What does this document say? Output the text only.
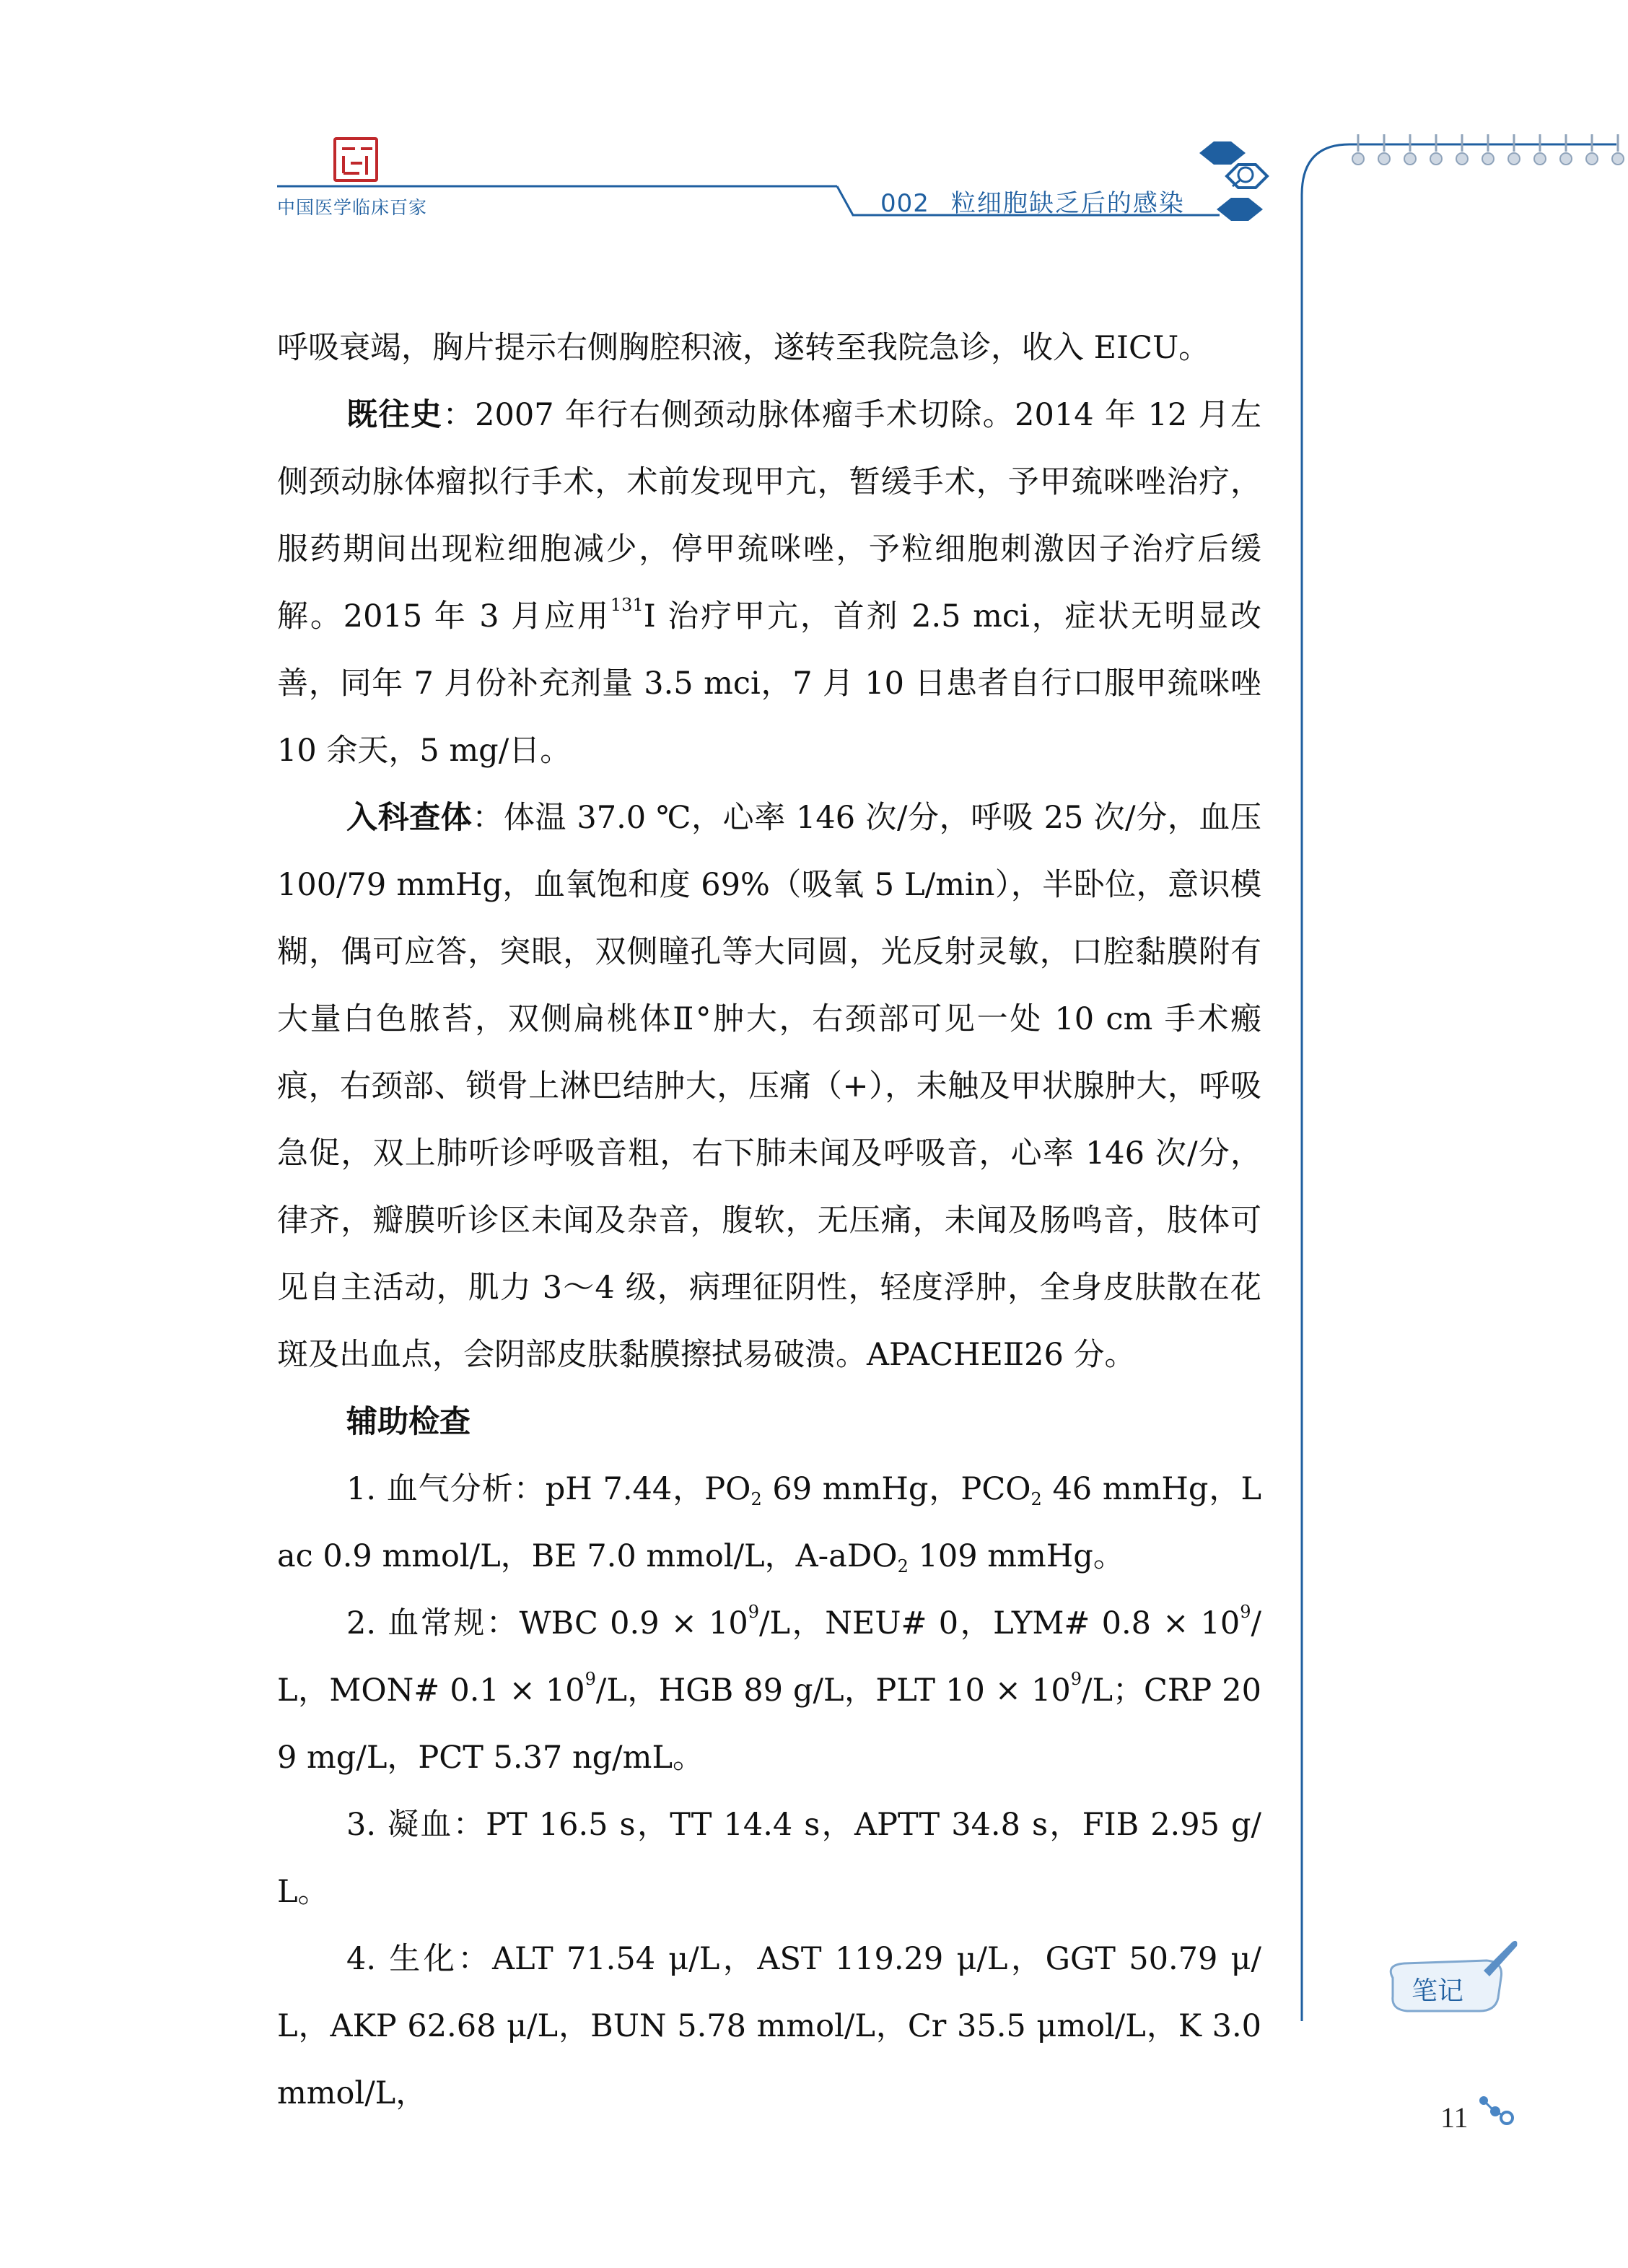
中国医学临床百家	002 粒细胞缺乏后的感染
笔记
11

呼吸衰竭，胸片提示右侧胸腔积液，遂转至我院急诊，收入 EICU。

既往史：2007 年行右侧颈动脉体瘤手术切除。2014 年 12 月左侧颈动脉体瘤拟行手术，术前发现甲亢，暂缓手术，予甲巯咪唑治疗，服药期间出现粒细胞减少，停甲巯咪唑，予粒细胞刺激因子治疗后缓解。2015 年 3 月应用$^{131}$I 治疗甲亢，首剂 2.5 mci，症状无明显改善，同年 7 月份补充剂量 3.5 mci，7 月 10 日患者自行口服甲巯咪唑 10 余天，5 mg/日。

入科查体：体温 37.0 ℃，心率 146 次/分，呼吸 25 次/分，血压 100/79 mmHg，血氧饱和度 69%（吸氧 5 L/min），半卧位，意识模糊，偶可应答，突眼，双侧瞳孔等大同圆，光反射灵敏，口腔黏膜附有大量白色脓苔，双侧扁桃体Ⅱ°肿大，右颈部可见一处 10 cm 手术瘢痕，右颈部、锁骨上淋巴结肿大，压痛（+），未触及甲状腺肿大，呼吸急促，双上肺听诊呼吸音粗，右下肺未闻及呼吸音，心率 146 次/分，律齐，瓣膜听诊区未闻及杂音，腹软，无压痛，未闻及肠鸣音，肢体可见自主活动，肌力 3～4 级，病理征阴性，轻度浮肿，全身皮肤散在花斑及出血点，会阴部皮肤黏膜擦拭易破溃。APACHEⅡ26 分。

辅助检查

1. 血气分析：pH 7.44，$PO_2$ 69 mmHg，$PCO_2$ 46 mmHg，Lac 0.9 mmol/L，BE 7.0 mmol/L，A-aDO$_2$ 109 mmHg。

2. 血常规：WBC $0.9 \times 10^9/L$，NEU# 0，LYM# $0.8 \times 10^9/L$，MON# $0.1 \times 10^9/L$，HGB 89 g/L，PLT $10 \times 10^9/L$；CRP 209 mg/L，PCT 5.37 ng/mL。

3. 凝血：PT 16.5 s，TT 14.4 s，APTT 34.8 s，FIB 2.95 g/L。

4. 生化：ALT 71.54 μ/L，AST 119.29 μ/L，GGT 50.79 μ/L，AKP 62.68 μ/L，BUN 5.78 mmol/L，Cr 35.5 μmol/L，K 3.0 mmol/L，
